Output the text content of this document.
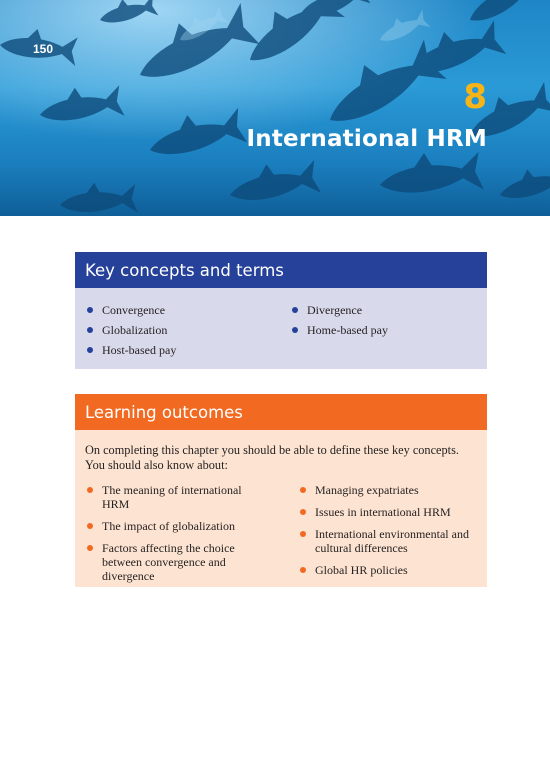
150
8
International HRM
Key concepts and terms
Convergence
Globalization
Host-based pay
Divergence
Home-based pay
Learning outcomes
On completing this chapter you should be able to define these key concepts. You should also know about:
The meaning of international HRM
The impact of globalization
Factors affecting the choice between convergence and divergence
Managing expatriates
Issues in international HRM
International environmental and cultural differences
Global HR policies
